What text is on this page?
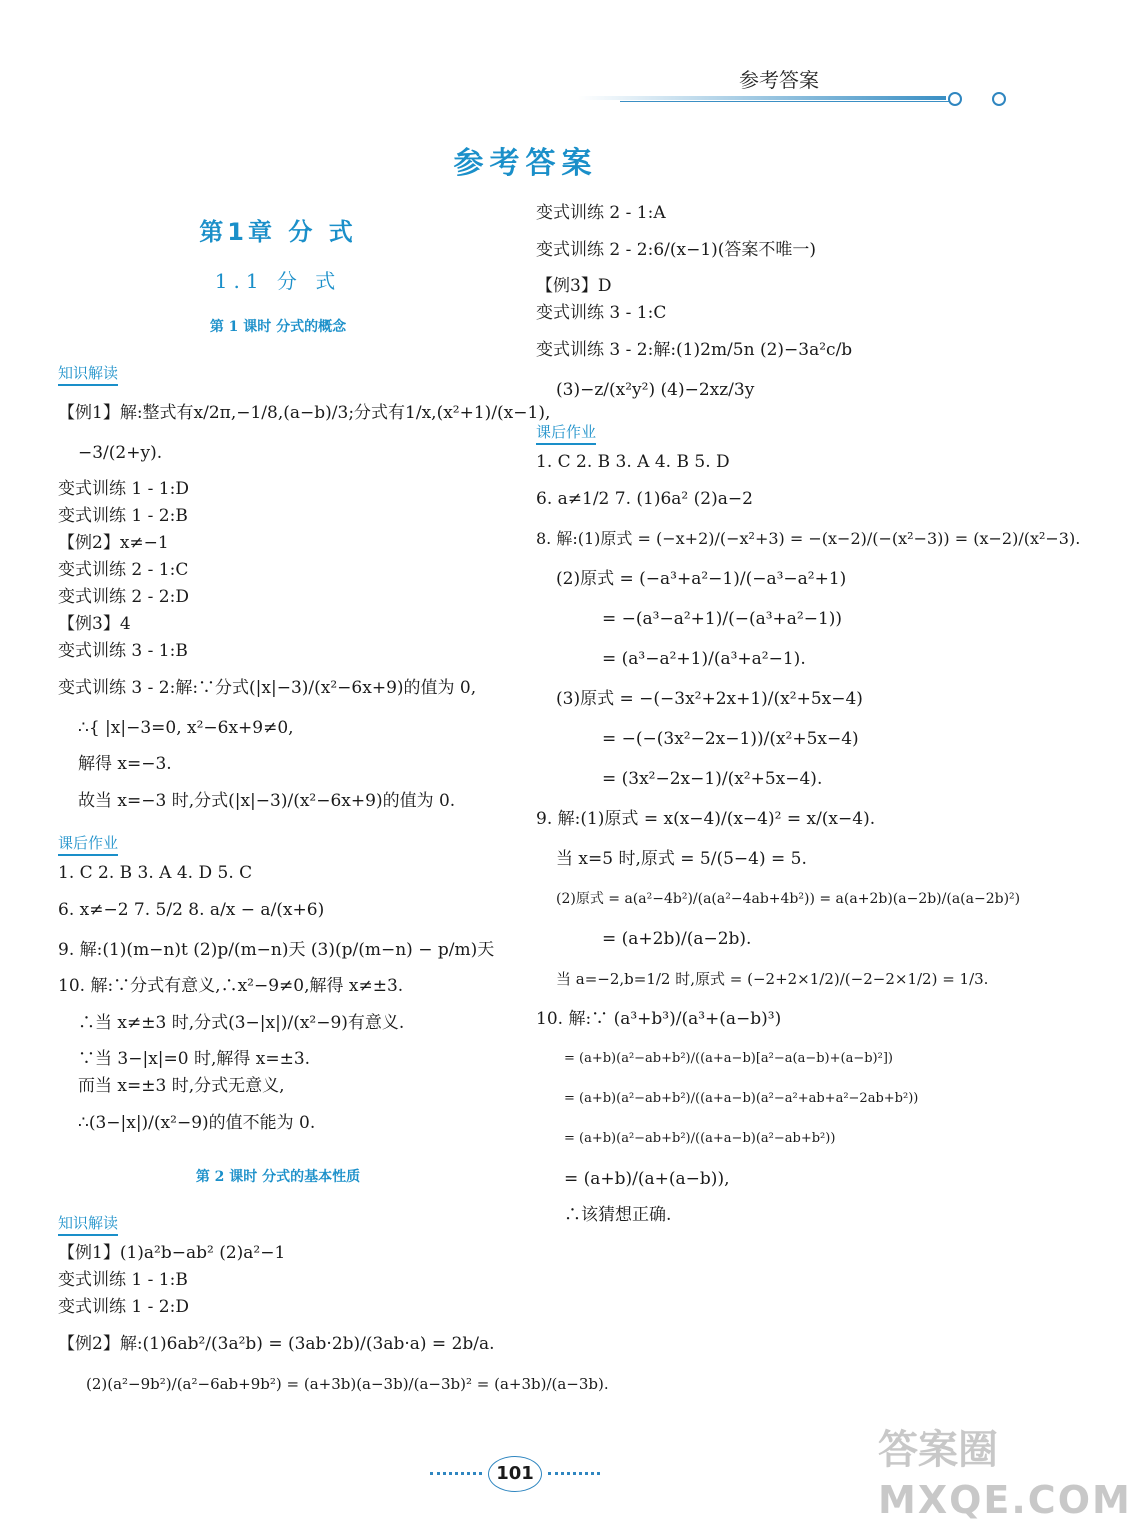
参考答案
参考答案
第1章 分 式
1.1 分 式
第 1 课时 分式的概念
知识解读
【例1】解:整式有x/2π,−1/8,(a−b)/3;分式有1/x,(x²+1)/(x−1),
−3/(2+y).
变式训练 1 - 1:D
变式训练 1 - 2:B
【例2】x≠−1
变式训练 2 - 1:C
变式训练 2 - 2:D
【例3】4
变式训练 3 - 1:B
变式训练 3 - 2:解:∵分式(|x|−3)/(x²−6x+9)的值为 0,
∴{ |x|−3=0, x²−6x+9≠0,
解得 x=−3.
故当 x=−3 时,分式(|x|−3)/(x²−6x+9)的值为 0.
课后作业
1. C 2. B 3. A 4. D 5. C
6. x≠−2 7. 5/2 8. a/x − a/(x+6)
9. 解:(1)(m−n)t (2)p/(m−n)天 (3)(p/(m−n) − p/m)天
10. 解:∵分式有意义,∴x²−9≠0,解得 x≠±3.
∴当 x≠±3 时,分式(3−|x|)/(x²−9)有意义.
∵当 3−|x|=0 时,解得 x=±3.
而当 x=±3 时,分式无意义,
∴(3−|x|)/(x²−9)的值不能为 0.
第 2 课时 分式的基本性质
知识解读
【例1】(1)a²b−ab² (2)a²−1
变式训练 1 - 1:B
变式训练 1 - 2:D
【例2】解:(1)6ab²/(3a²b) = (3ab·2b)/(3ab·a) = 2b/a.
(2)(a²−9b²)/(a²−6ab+9b²) = (a+3b)(a−3b)/(a−3b)² = (a+3b)/(a−3b).
变式训练 2 - 1:A
变式训练 2 - 2:6/(x−1)(答案不唯一)
【例3】D
变式训练 3 - 1:C
变式训练 3 - 2:解:(1)2m/5n (2)−3a²c/b
(3)−z/(x²y²) (4)−2xz/3y
课后作业
1. C 2. B 3. A 4. B 5. D
6. a≠1/2 7. (1)6a² (2)a−2
8. 解:(1)原式 = (−x+2)/(−x²+3) = −(x−2)/(−(x²−3)) = (x−2)/(x²−3).
(2)原式 = (−a³+a²−1)/(−a³−a²+1)
= −(a³−a²+1)/(−(a³+a²−1))
= (a³−a²+1)/(a³+a²−1).
(3)原式 = −(−3x²+2x+1)/(x²+5x−4)
= −(−(3x²−2x−1))/(x²+5x−4)
= (3x²−2x−1)/(x²+5x−4).
9. 解:(1)原式 = x(x−4)/(x−4)² = x/(x−4).
当 x=5 时,原式 = 5/(5−4) = 5.
(2)原式 = a(a²−4b²)/(a(a²−4ab+4b²)) = a(a+2b)(a−2b)/(a(a−2b)²)
= (a+2b)/(a−2b).
当 a=−2,b=1/2 时,原式 = (−2+2×1/2)/(−2−2×1/2) = 1/3.
10. 解:∵ (a³+b³)/(a³+(a−b)³)
= (a+b)(a²−ab+b²)/((a+a−b)[a²−a(a−b)+(a−b)²])
= (a+b)(a²−ab+b²)/((a+a−b)(a²−a²+ab+a²−2ab+b²))
= (a+b)(a²−ab+b²)/((a+a−b)(a²−ab+b²))
= (a+b)/(a+(a−b)),
∴该猜想正确.
101
答案圈
MXQE.COM
